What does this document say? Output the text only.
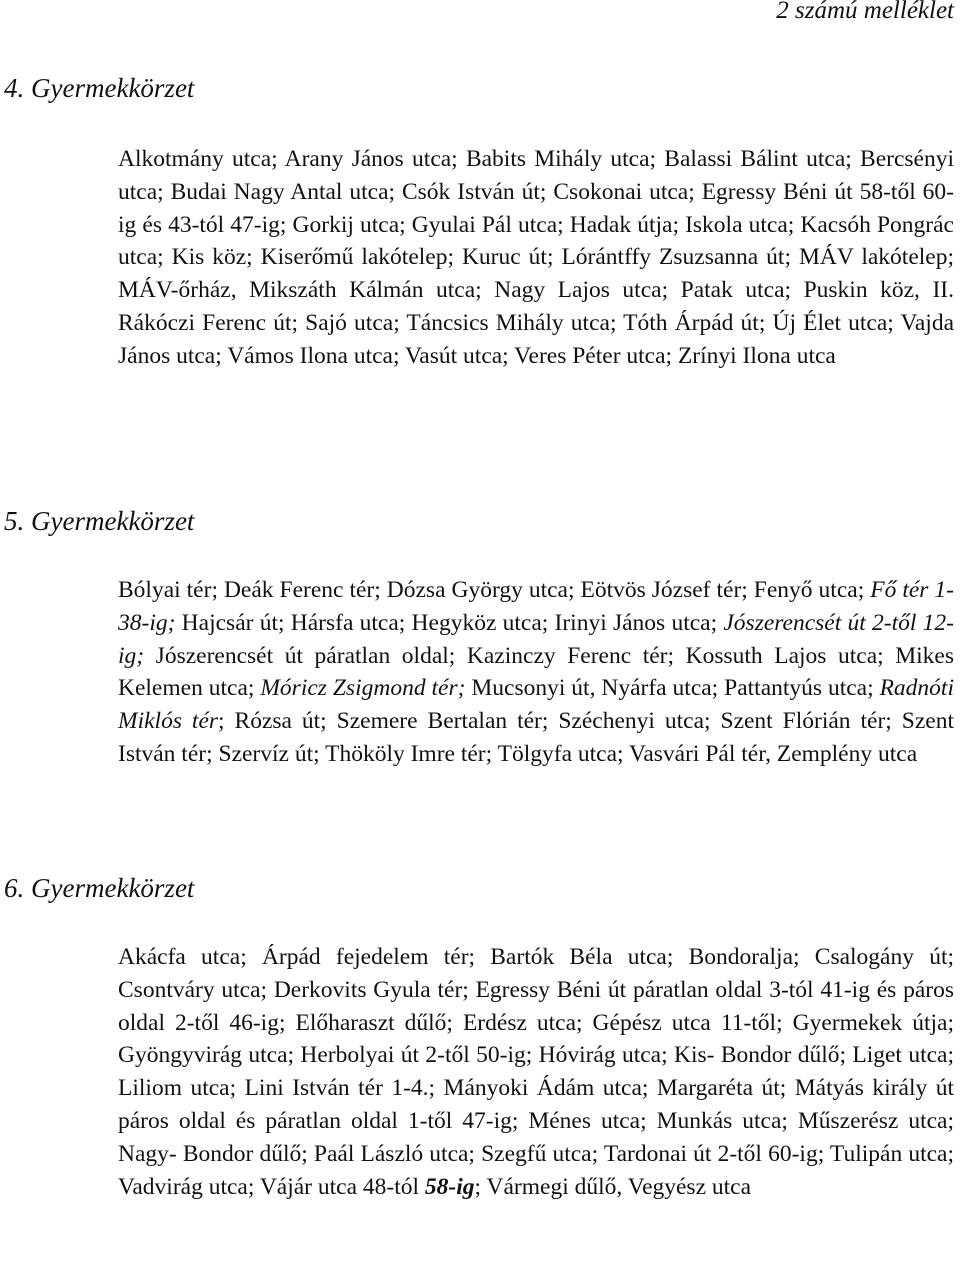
2 számú melléklet
4. Gyermekkörzet

Alkotmány utca; Arany János utca; Babits Mihály utca; Balassi Bálint utca; Bercsényi utca; Budai Nagy Antal utca; Csók István út; Csokonai utca; Egressy Béni út 58-től 60-ig és 43-tól 47-ig; Gorkij utca; Gyulai Pál utca; Hadak útja; Iskola utca; Kacsóh Pongrác utca; Kis köz; Kiserőmű lakótelep; Kuruc út; Lórántffy Zsuzsanna út; MÁV lakótelep; MÁV-őrház, Mikszáth Kálmán utca; Nagy Lajos utca; Patak utca; Puskin köz, II. Rákóczi Ferenc út; Sajó utca; Táncsics Mihály utca; Tóth Árpád út; Új Élet utca; Vajda János utca; Vámos Ilona utca; Vasút utca; Veres Péter utca; Zrínyi Ilona utca

5. Gyermekkörzet

Bólyai tér; Deák Ferenc tér; Dózsa György utca; Eötvös József tér; Fenyő utca; Fő tér 1-38-ig; Hajcsár út; Hársfa utca; Hegyköz utca; Irinyi János utca; Jószerencsét út 2-től 12-ig; Jószerencsét út páratlan oldal; Kazinczy Ferenc tér; Kossuth Lajos utca; Mikes Kelemen utca; Móricz Zsigmond tér; Mucsonyi út, Nyárfa utca; Pattantyús utca; Radnóti Miklós tér; Rózsa út; Szemere Bertalan tér; Széchenyi utca; Szent Flórián tér; Szent István tér; Szervíz út; Thököly Imre tér; Tölgyfa utca; Vasvári Pál tér, Zemplény utca

6. Gyermekkörzet

Akácfa utca; Árpád fejedelem tér; Bartók Béla utca; Bondoralja; Csalogány út; Csontváry utca; Derkovits Gyula tér; Egressy Béni út páratlan oldal 3-tól 41-ig és páros oldal 2-től 46-ig; Előharaszt dűlő; Erdész utca; Gépész utca 11-től; Gyermekek útja; Gyöngyvirág utca; Herbolyai út 2-től 50-ig; Hóvirág utca; Kis- Bondor dűlő; Liget utca; Liliom utca; Lini István tér 1-4.; Mányoki Ádám utca; Margaréta út; Mátyás király út páros oldal és páratlan oldal 1-től 47-ig; Ménes utca; Munkás utca; Műszerész utca; Nagy- Bondor dűlő; Paál László utca; Szegfű utca; Tardonai út 2-től 60-ig; Tulipán utca; Vadvirág utca; Vájár utca 48-tól 58-ig; Vármegi dűlő, Vegyész utca
